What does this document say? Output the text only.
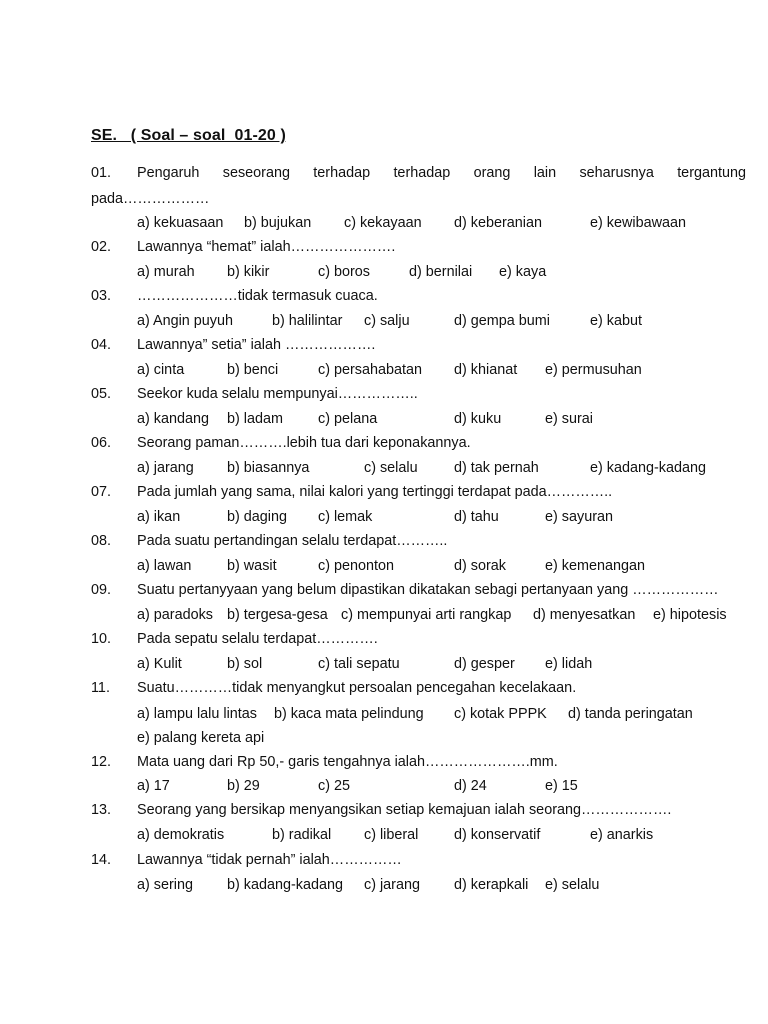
SE.   ( Soal – soal  01-20 )
01. Pengaruh seseorang terhadap terhadap orang lain seharusnya tergantung
pada………………
a) kekuasaan b) bujukan c) kekayaan d) keberanian	e) kewibawaan
02. Lawannya “hemat” ialah………………….
a) murah b) kikir	c) boros	d) bernilai e) kaya
03. …………………tidak termasuk cuaca.
a) Angin puyuh	b) halilintar c) salju	d) gempa bumi	e) kabut
04. Lawannya” setia” ialah ……………….
a) cinta	b) benci	c) persahabatan d) khianat e) permusuhan
05. Seekor kuda selalu mempunyai……………..
a) kandang b) ladam c) pelana	d) kuku	e) surai
06. Seorang paman……….lebih tua dari keponakannya.
a) jarang b) biasannya	c) selalu	d) tak pernah	e) kadang-kadang
07. Pada jumlah yang sama, nilai kalori yang tertinggi terdapat pada…………..
a) ikan	b) daging c) lemak	d) tahu	e) sayuran
08. Pada suatu pertandingan selalu terdapat………..
a) lawan b) wasit	c) penonton	d) sorak	e) kemenangan
09. Suatu pertanyyaan yang belum dipastikan dikatakan sebagi pertanyaan yang ………………
a) paradoks b) tergesa-gesa c) mempunyai arti rangkap d) menyesatkan e) hipotesis
10. Pada sepatu selalu terdapat………….
a) Kulit	b) sol	c) tali sepatu	d) gesper e) lidah
11. Suatu…………tidak menyangkut persoalan pencegahan kecelakaan.
a) lampu lalu lintas b) kaca mata pelindung c) kotak PPPK d) tanda peringatan
e) palang kereta api
12. Mata uang dari Rp 50,- garis tengahnya ialah………………….mm.
a) 17	b) 29	c) 25	d) 24	e) 15
13. Seorang yang bersikap menyangsikan setiap kemajuan ialah seorang……………….
a) demokratis	b) radikal c) liberal d) konservatif	e) anarkis
14. Lawannya “tidak pernah” ialah……………
a) sering b) kadang-kadang c) jarang d) kerapkali e) selalu
